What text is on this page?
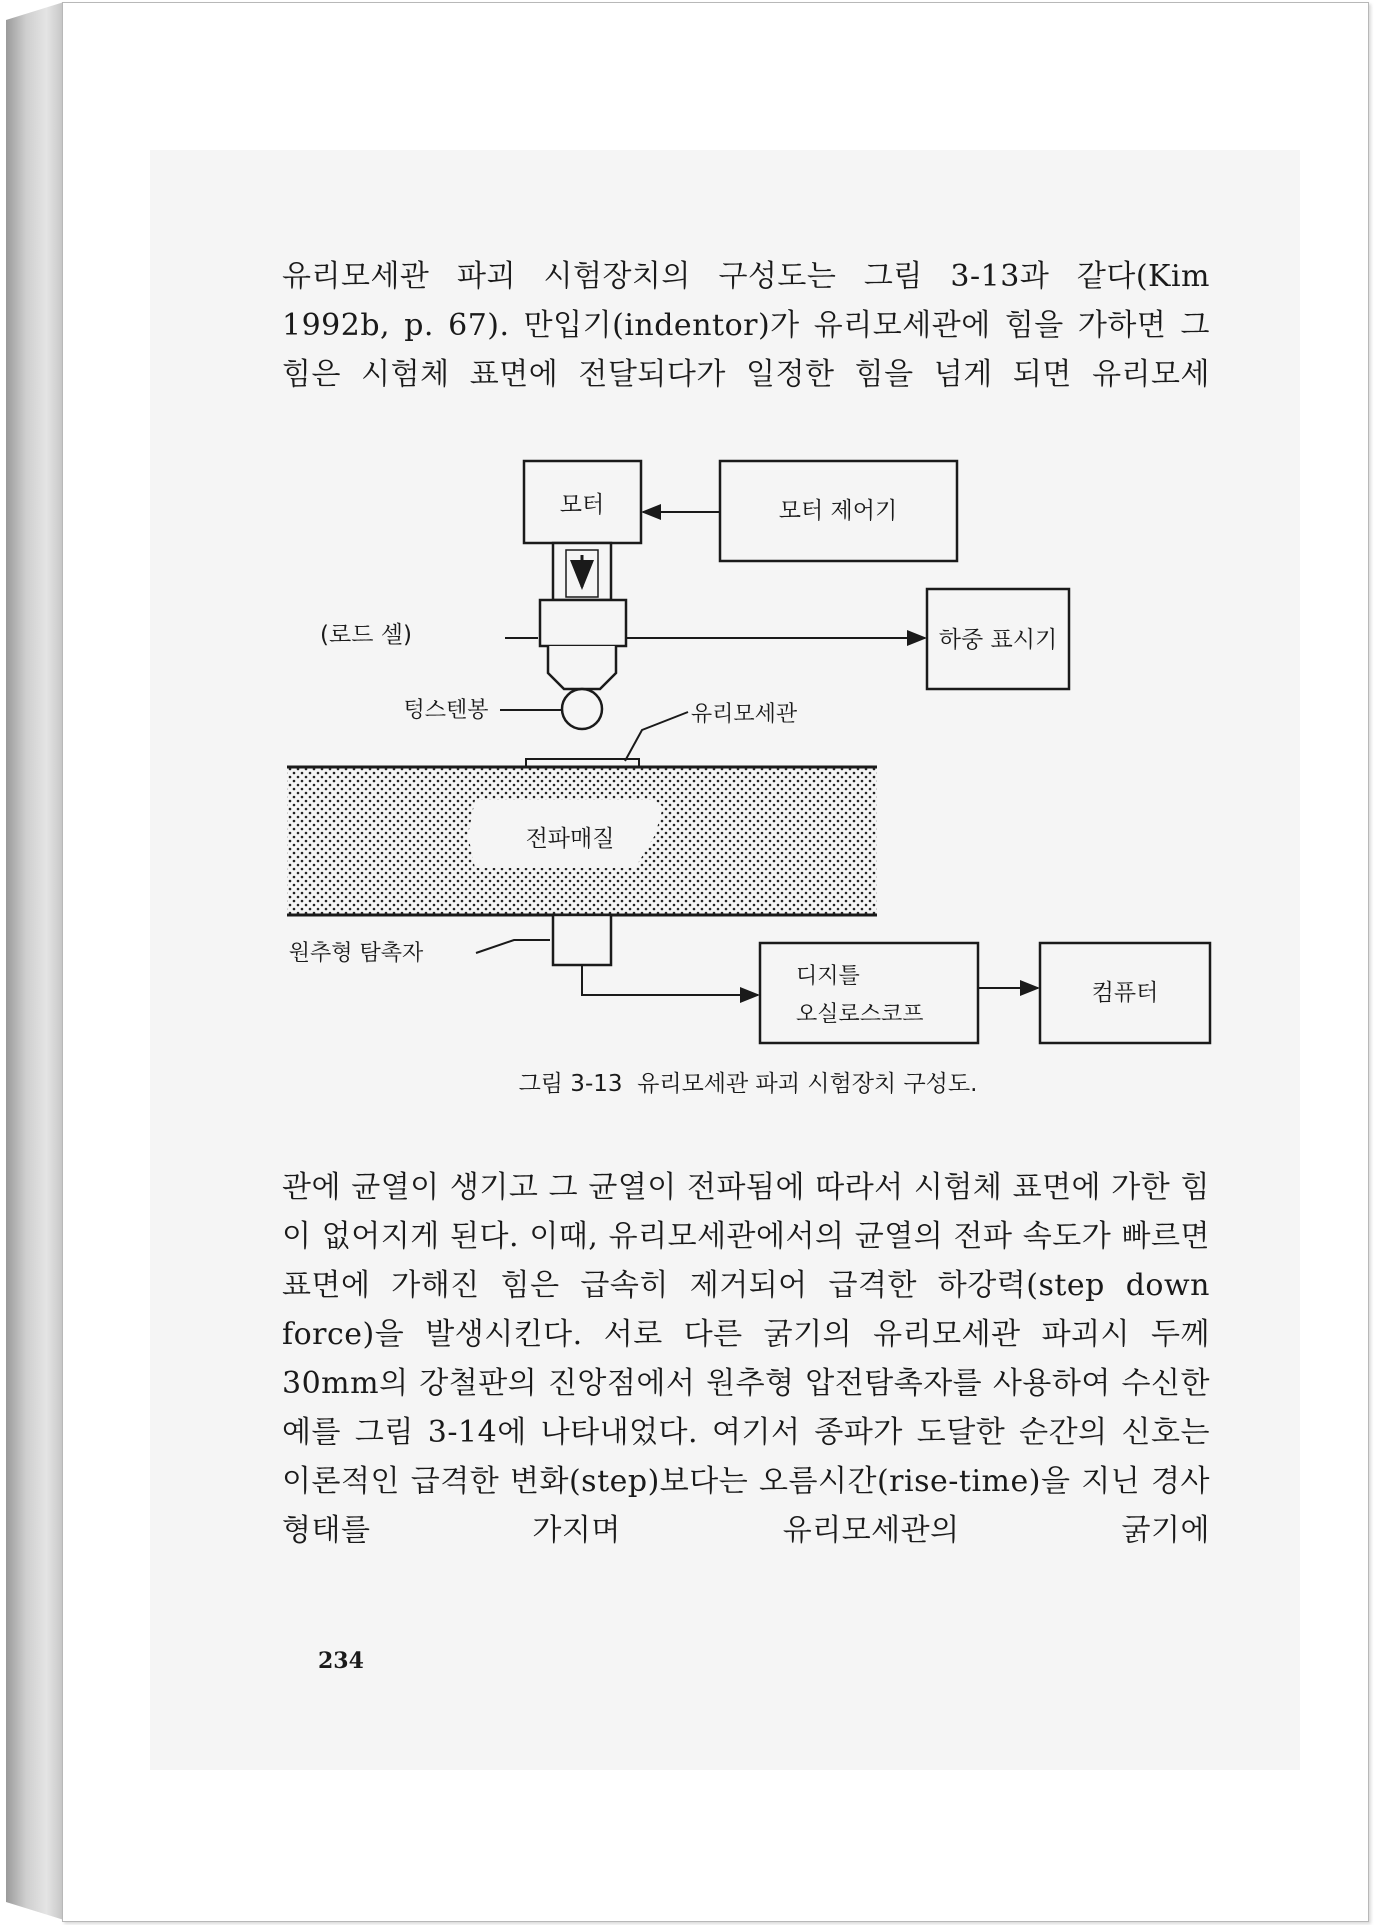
유리모세관 파괴 시험장치의 구성도는 그림 3-13과 같다(Kim 1992b, p. 67). 만입기(indentor)가 유리모세관에 힘을 가하면 그 힘은 시험체 표면에 전달되다가 일정한 힘을 넘게 되면 유리모세
모터	모터 제어기
(로드 셀)	하중 표시기
텅스텐봉	유리모세관
전파매질
원추형 탐촉자
디지틀
오실로스코프
컴퓨터
그림 3-13  유리모세관 파괴 시험장치 구성도.
관에 균열이 생기고 그 균열이 전파됨에 따라서 시험체 표면에 가한 힘이 없어지게 된다. 이때, 유리모세관에서의 균열의 전파 속도가 빠르면 표면에 가해진 힘은 급속히 제거되어 급격한 하강력(step down force)을 발생시킨다. 서로 다른 굵기의 유리모세관 파괴시 두께 30mm의 강철판의 진앙점에서 원추형 압전탐촉자를 사용하여 수신한 예를 그림 3-14에 나타내었다. 여기서 종파가 도달한 순간의 신호는 이론적인 급격한 변화(step)보다는 오름시간(rise-time)을 지닌 경사 형태를 가지며 유리모세관의 굵기에
234
